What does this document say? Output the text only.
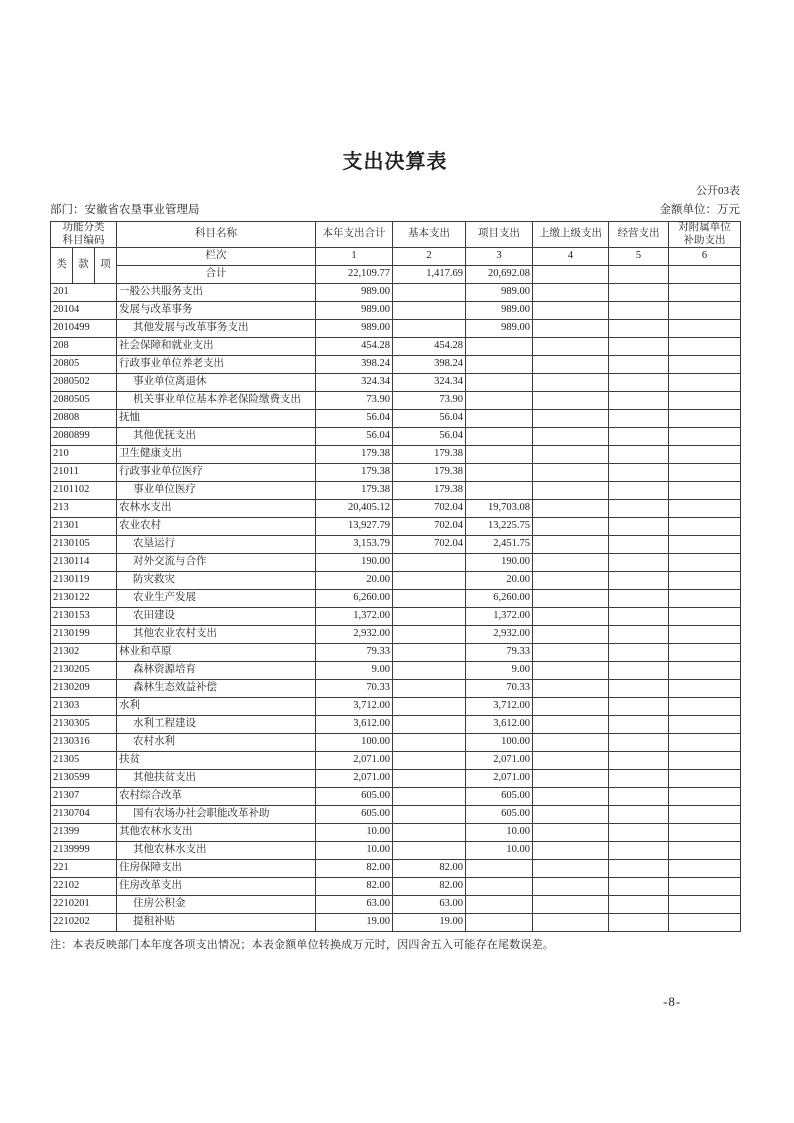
支出决算表
公开03表
部门：安徽省农垦事业管理局	金额单位：万元
功能分类
科目编码			科目名称	本年支出合计	基本支出	项目支出	上缴上级支出	经营支出	对附属单位
补助支出

类	款	项	栏次	1	2	3	4	5	6
			合计	22,109.77	1,417.69	20,692.08			
201			一般公共服务支出	989.00		989.00			
20104			发展与改革事务	989.00		989.00			
2010499			其他发展与改革事务支出	989.00		989.00			
208			社会保障和就业支出	454.28	454.28				
20805			行政事业单位养老支出	398.24	398.24				
2080502			事业单位离退休	324.34	324.34				
2080505			机关事业单位基本养老保险缴费支出	73.90	73.90				
20808			抚恤	56.04	56.04				
2080899			其他优抚支出	56.04	56.04				
210			卫生健康支出	179.38	179.38				
21011			行政事业单位医疗	179.38	179.38				
2101102			事业单位医疗	179.38	179.38				
213			农林水支出	20,405.12	702.04	19,703.08			
21301			农业农村	13,927.79	702.04	13,225.75			
2130105			农垦运行	3,153.79	702.04	2,451.75			
2130114			对外交流与合作	190.00		190.00			
2130119			防灾救灾	20.00		20.00			
2130122			农业生产发展	6,260.00		6,260.00			
2130153			农田建设	1,372.00		1,372.00			
2130199			其他农业农村支出	2,932.00		2,932.00			
21302			林业和草原	79.33		79.33			
2130205			森林资源培育	9.00		9.00			
2130209			森林生态效益补偿	70.33		70.33			
21303			水利	3,712.00		3,712.00			
2130305			水利工程建设	3,612.00		3,612.00			
2130316			农村水利	100.00		100.00			
21305			扶贫	2,071.00		2,071.00			
2130599			其他扶贫支出	2,071.00		2,071.00			
21307			农村综合改革	605.00		605.00			
2130704			国有农场办社会职能改革补助	605.00		605.00			
21399			其他农林水支出	10.00		10.00			
2139999			其他农林水支出	10.00		10.00			
221			住房保障支出	82.00	82.00				
22102			住房改革支出	82.00	82.00				
2210201			住房公积金	63.00	63.00				
2210202			提租补贴	19.00	19.00				
注：本表反映部门本年度各项支出情况；本表金额单位转换成万元时，因四舍五入可能存在尾数误差。
-8-
